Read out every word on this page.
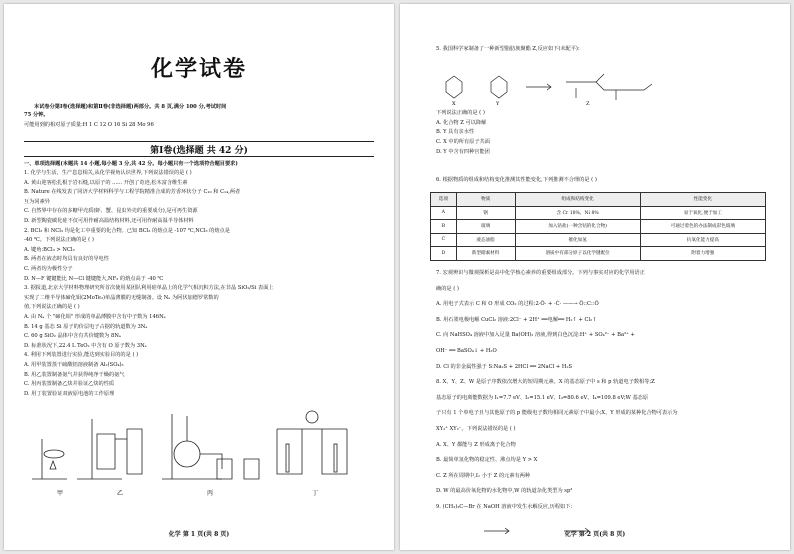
化学试卷
本试卷分第Ⅰ卷(选择题)和第Ⅱ卷(非选择题)两部分。共 8 页,满分 100 分,考试时间
75 分钟。
可能用到的相对原子质量:H 1 C 12 O 16 Si 28 Mo 96
第Ⅰ卷(选择题 共 42 分)
一、单项选择题(本题共 14 小题,每小题 3 分,共 42 分。每小题只有一个选项符合题目要求)
1. 化学与生活、生产息息相关,从化学视角认识世界,下列说法错误的是 ( )
A. 黄山迎客松扎根于岩石缝,以原子的 ...... 开创了奇迹,松木富含维生素
B. Nature 在线发表了同济大学材料科学与工程学院精准合成的芳香环状分子 C₁₀ 和 C₁₄,两者
互为同素异
C. 自然界中存在的多糖甲壳质(虾、蟹、昆虫外壳的重要成分),是可再生资源
D. 新型陶瓷碳化硅不仅可用作耐高温结构材料,还可用作耐高温半导体材料
2. BCl₃ 和 NCl₃ 均是化工中重要的化合物。已知 BCl₃ 的熔点是 -107 ℃,NCl₃ 的熔点是
-40 ℃。下列说法正确的是 ( )
A. 键角:BCl₃ > NCl₃
B. 两者在液态时均具有良好的导电性
C. 两者均为极性分子
D. N—F 键键能比 N—Cl 键键能大,NF₃ 的熔点高于 -40 ℃
3. 据报道,北京大学材料物理研究所首次使用某团队利用硅单晶上的化学气相沉积方法,在非晶 SiO₂/Si 表面上
实现了二维半导体碲化钼(2MoTe₂)单晶薄膜的无缝制备。设 Nₐ 为阿伏加德罗常数的
值,下列说法正确的是 ( )
A. 由 Nₐ 个 "碲化钼" 形成的单晶薄膜中含有中子数为 146Nₐ
B. 14 g 基态 Si 原子的价层电子占据的轨道数为 3Nₐ
C. 60 g SiO₂ 晶体中含有共价键数为 8Nₐ
D. 标准状况下,22.4 L TeO₂ 中含有 O 原子数为 3Nₐ
4. 利用下列装置进行实验,能达到实验目的的是 ( )
A. 用甲装置蒸干硫酸铝溶液制备 Al₂(SO₄)₃
B. 用乙装置制备氨气并获得纯净干燥的氨气
C. 用丙装置制备乙炔并验证乙炔的性质
D. 用丁装置验证双液原电池的工作原理
甲	乙	丙	丁
化学 第 1 页(共 8 页)
X	Y	Z
5. 我国科学家制备了一种新型脂肪族聚酯 Z,反应如下(未配平):
下列说法正确的是 ( )
A. 化合物 Z 可以降解
B. Y 具有亲水性
C. X 中的所有原子共面
D. Y 中含有四种官能团
6. 根据物质的组成和结构变化推测其性能变化,下列推测不合理的是 ( )
选项	物质	组成和结构变化	性能变化
A	钢	含 Cr 18%、Ni 8%	易于氧化,便于加工
B	玻璃	加入钴盐(一种含钴的化合物)	可通过着色的办法制成彩色玻璃
C	液态油脂	催化加氢	抗氧化能力提高
D	新型储素材料	溶质中有部分原子以化学键配位	附着力增强
7. 宏观辨识与微观探析是高中化学核心素养的重要组成部分。下列与事实对应的化学用语正
确的是 ( )
A. 用电子式表示 C 和 O 形成 CO₂ 的过程:2·Ö· + ·Ċ· ——→ Ö::C::Ö
B. 用石墨电极电解 CuCl₂ 溶液:2Cl⁻ + 2H⁺ ══电解══ H₂↑ + Cl₂↑
C. 向 NaHSO₄ 溶液中加入足量 Ba(OH)₂ 溶液,得到白色沉淀:H⁺ + SO₄²⁻ + Ba²⁺ +
OH⁻ ══ BaSO₄↓ + H₂O
D. Cl 的非金属性强于 S:Na₂S + 2HCl ══ 2NaCl + H₂S
8. X、Y、Z、W 是原子序数依次增大的短周期元素。X 的基态原子中 s 和 p 轨道电子数相等;Z
基态原子的电离能数据为 I₁=7.7 eV、I₂=15.1 eV、I₃=80.6 eV、I₄=109.8 eV;W 基态原
子只有 1 个单电子且与其他原子的 p 能级电子数均相同元素原子中最小;X、Y 形成的某种化合物可表示为
XY₂⁺ XY₂⁻。下列说法错误的是 ( )
A. X、Y 都能与 Z 形成离子化合物
B. 最简单氢化物的稳定性、沸点均是 Y > X
C. Z 所在周期中,I₁ 小于 Z 的元素有两种
D. W 的最高价氧化物的水化物中,W 的轨道杂化类型为 sp³
9. (CH₃)₃C—Br 在 NaOH 溶液中发生水解反应,历程如下:
化学 第 2 页(共 8 页)
